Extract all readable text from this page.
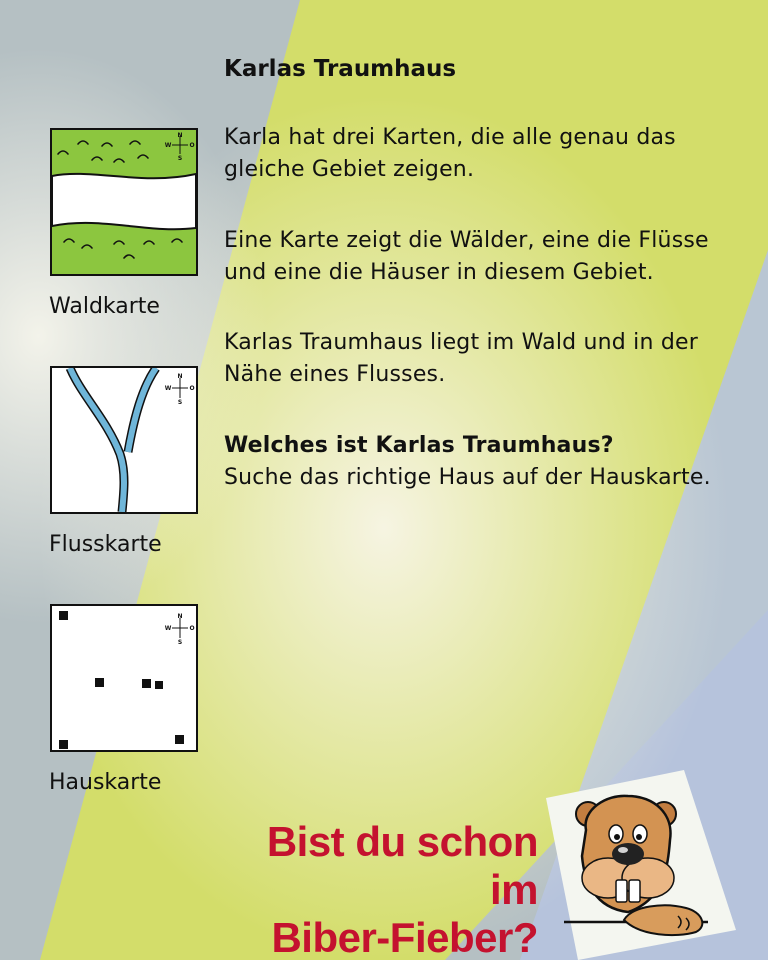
Karlas Traumhaus

Karla hat drei Karten, die alle genau das gleiche Gebiet zeigen.

Eine Karte zeigt die Wälder, eine die Flüsse und eine die Häuser in diesem Gebiet.

Karlas Traumhaus liegt im Wald und in der Nähe eines Flusses.

Welches ist Karlas Traumhaus?
Suche das richtige Haus auf der Hauskarte.

N
S
W	O

Waldkarte

N
S
W	O

Flusskarte

N
S
W	O

Hauskarte

Bist du schon im
Biber-Fieber?
